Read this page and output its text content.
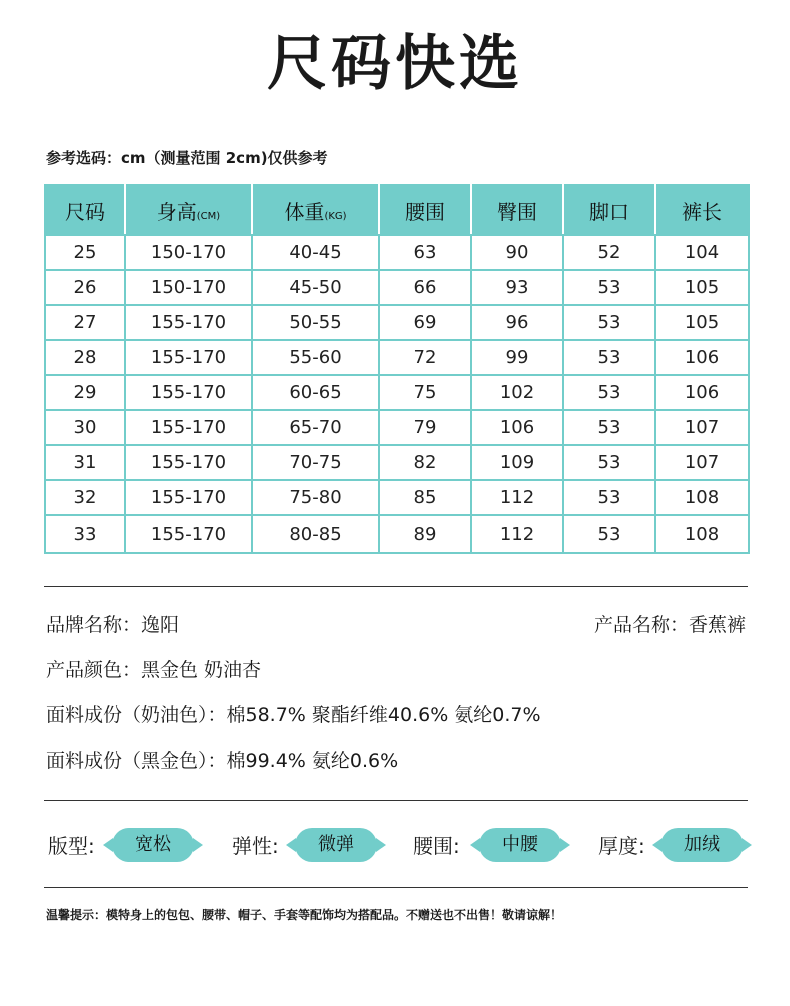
尺码快选
参考选码：cm（测量范围 2cm)仅供参考
尺码	身高(CM)	体重(KG)	腰围	臀围	脚口	裤长
25	150-170	40-45	63	90	52	104
26	150-170	45-50	66	93	53	105
27	155-170	50-55	69	96	53	105
28	155-170	55-60	72	99	53	106
29	155-170	60-65	75	102	53	106
30	155-170	65-70	79	106	53	107
31	155-170	70-75	82	109	53	107
32	155-170	75-80	85	112	53	108
33	155-170	80-85	89	112	53	108
品牌名称：逸阳	产品名称：香蕉裤
产品颜色：黑金色 奶油杏
面料成份（奶油色）：棉58.7% 聚酯纤维40.6% 氨纶0.7%
面料成份（黑金色）：棉99.4% 氨纶0.6%
版型:	宽松	弹性:	微弹	腰围:	中腰	厚度:	加绒
温馨提示：模特身上的包包、腰带、帽子、手套等配饰均为搭配品。不赠送也不出售！敬请谅解！
